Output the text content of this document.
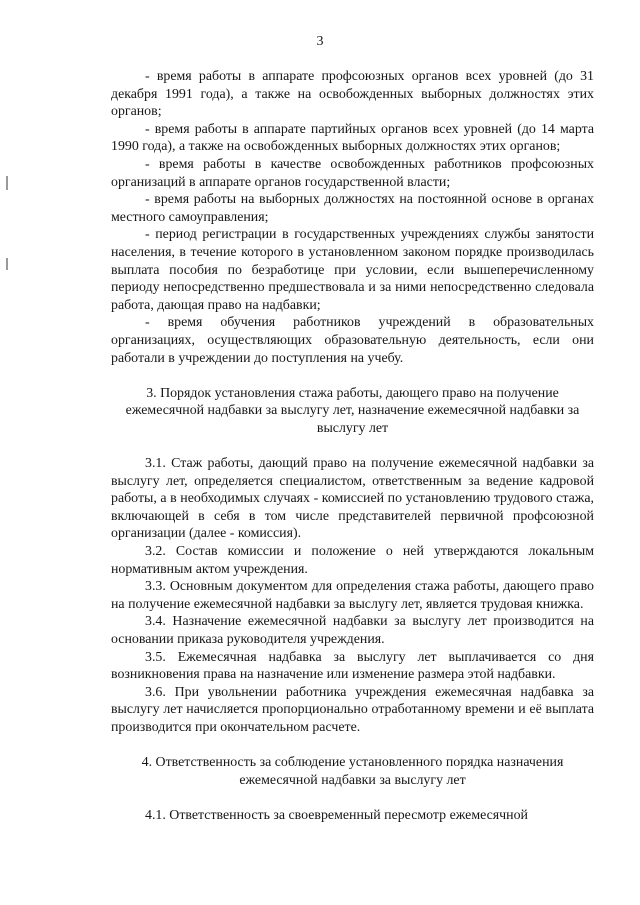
3

- время работы в аппарате профсоюзных органов всех уровней (до 31 декабря 1991 года), а также на освобожденных выборных должностях этих органов;

- время работы в аппарате партийных органов всех уровней (до 14 марта 1990 года), а также на освобожденных выборных должностях этих органов;

- время работы в качестве освобожденных работников профсоюзных организаций в аппарате органов государственной власти;

- время работы на выборных должностях на постоянной основе в органах местного самоуправления;

- период регистрации в государственных учреждениях службы занятости населения, в течение которого в установленном законом порядке производилась выплата пособия по безработице при условии, если вышеперечисленному периоду непосредственно предшествовала и за ними непосредственно следовала работа, дающая право на надбавки;

- время обучения работников учреждений в образовательных организациях, осуществляющих образовательную деятельность, если они работали в учреждении до поступления на учебу.

3. Порядок установления стажа работы, дающего право на получение ежемесячной надбавки за выслугу лет, назначение ежемесячной надбавки за выслугу лет

3.1. Стаж работы, дающий право на получение ежемесячной надбавки за выслугу лет, определяется специалистом, ответственным за ведение кадровой работы, а в необходимых случаях - комиссией по установлению трудового стажа, включающей в себя в том числе представителей первичной профсоюзной организации (далее - комиссия).

3.2. Состав комиссии и положение о ней утверждаются локальным нормативным актом учреждения.

3.3. Основным документом для определения стажа работы, дающего право на получение ежемесячной надбавки за выслугу лет, является трудовая книжка.

3.4. Назначение ежемесячной надбавки за выслугу лет производится на основании приказа руководителя учреждения.

3.5. Ежемесячная надбавка за выслугу лет выплачивается со дня возникновения права на назначение или изменение размера этой надбавки.

3.6. При увольнении работника учреждения ежемесячная надбавка за выслугу лет начисляется пропорционально отработанному времени и её выплата производится при окончательном расчете.

4. Ответственность за соблюдение установленного порядка назначения ежемесячной надбавки за выслугу лет

4.1. Ответственность за своевременный пересмотр ежемесячной
